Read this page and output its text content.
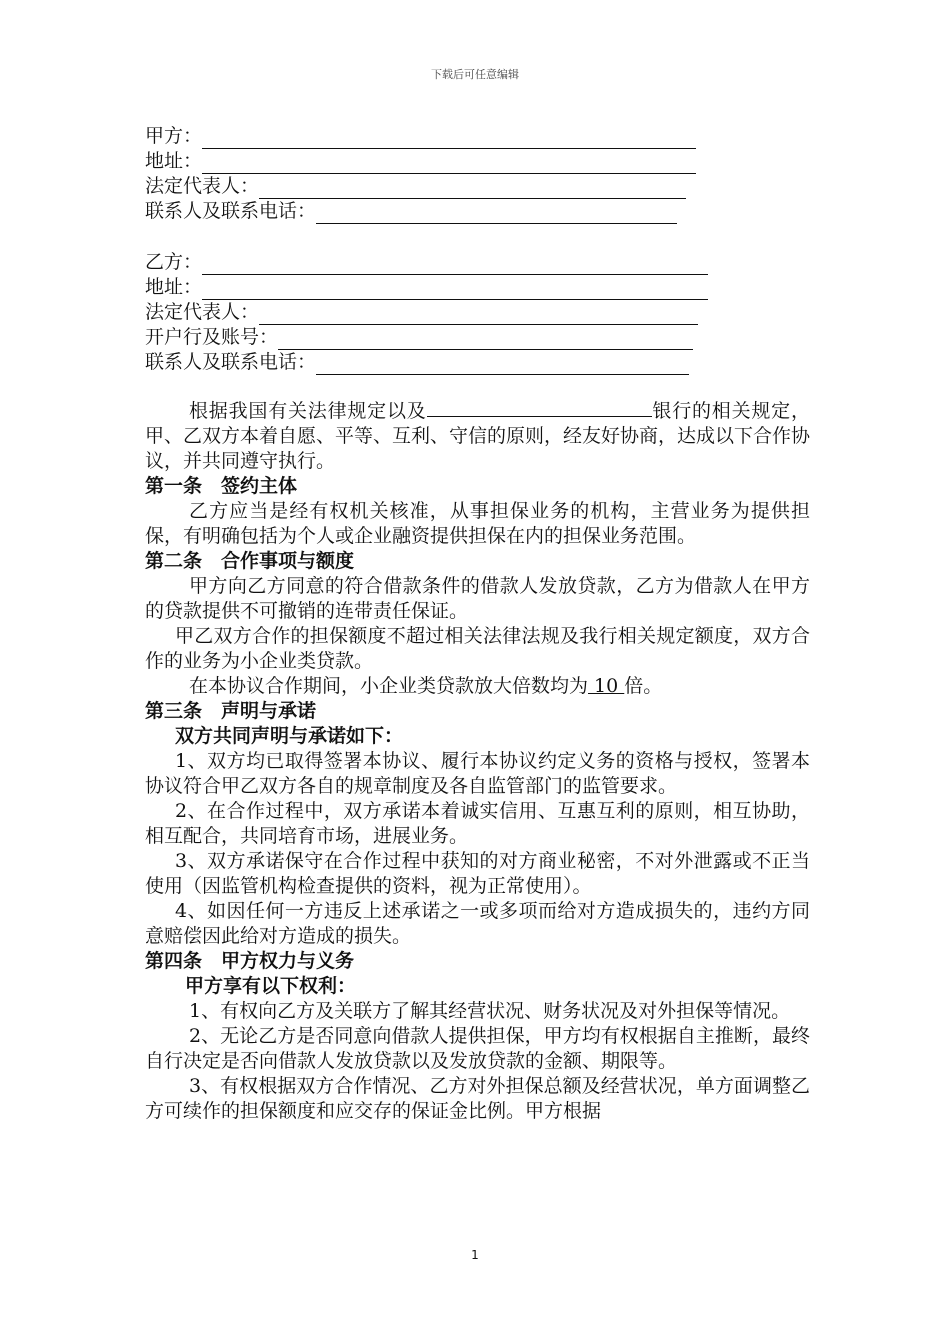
下载后可任意编辑
甲方：
地址：
法定代表人：
联系人及联系电话：
乙方：
地址：
法定代表人：
开户行及账号：
联系人及联系电话：

根据我国有关法律规定以及	银行的相关规定，甲、乙双方本着自愿、平等、互利、守信的原则，经友好协商，达成以下合作协议，并共同遵守执行。

第一条　签约主体

乙方应当是经有权机关核准，从事担保业务的机构，主营业务为提供担保，有明确包括为个人或企业融资提供担保在内的担保业务范围。

第二条　合作事项与额度

甲方向乙方同意的符合借款条件的借款人发放贷款，乙方为借款人在甲方的贷款提供不可撤销的连带责任保证。

甲乙双方合作的担保额度不超过相关法律法规及我行相关规定额度，双方合作的业务为小企业类贷款。

在本协议合作期间，小企业类贷款放大倍数均为 10 倍。

第三条　声明与承诺

双方共同声明与承诺如下：

1、双方均已取得签署本协议、履行本协议约定义务的资格与授权，签署本协议符合甲乙双方各自的规章制度及各自监管部门的监管要求。

2、在合作过程中，双方承诺本着诚实信用、互惠互利的原则，相互协助，相互配合，共同培育市场，进展业务。

3、双方承诺保守在合作过程中获知的对方商业秘密，不对外泄露或不正当使用（因监管机构检查提供的资料，视为正常使用）。

4、如因任何一方违反上述承诺之一或多项而给对方造成损失的，违约方同意赔偿因此给对方造成的损失。

第四条　甲方权力与义务

甲方享有以下权利：

1、有权向乙方及关联方了解其经营状况、财务状况及对外担保等情况。

2、无论乙方是否同意向借款人提供担保，甲方均有权根据自主推断，最终自行决定是否向借款人发放贷款以及发放贷款的金额、期限等。

3、有权根据双方合作情况、乙方对外担保总额及经营状况，单方面调整乙方可续作的担保额度和应交存的保证金比例。甲方根据

1
